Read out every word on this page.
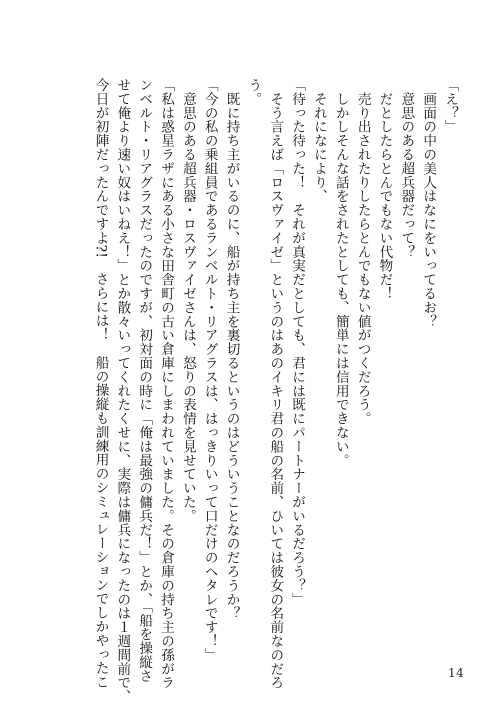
「え？」
　画面の中の美人はなにをいってるお？
　意思のある超兵器だって？
　だとしたらとんでもない代物だ！
　売り出されたりしたらとんでもない値がつくだろう。
　しかしそんな話をされたとしても、簡単には信用できない。
　それになにより、
「待った待った！　それが真実だとしても、君には既にパートナーがいるだろう？」
　そう言えば「ロスヴァイゼ」というのはあのイキリ君の船の名前、ひいては彼女の名前なのだろ
う。
　既に持ち主がいるのに、船が持ち主を裏切るというのはどういうことなのだろうか？
「今の私の乗組員であるランベルト・リアグラスは、はっきりいって口だけのヘタレです！」
　意思のある超兵器・ロスヴァイゼさんは、怒りの表情を見せていた。
「私は惑星ラザにある小さな田舎町の古い倉庫にしまわれていました。その倉庫の持ち主の孫がラ
ンベルト・リアグラスだったのですが、初対面の時に「俺は最強の傭兵だ！」とか、「船を操縦さ
せて俺より速い奴はいねえ！」とか散々いってくれたくせに、実際は傭兵になったのは１週間前で、
今日が初陣だったんですよ?!　さらには！　船の操縦も訓練用のシミュレーションでしかやったこ	14
